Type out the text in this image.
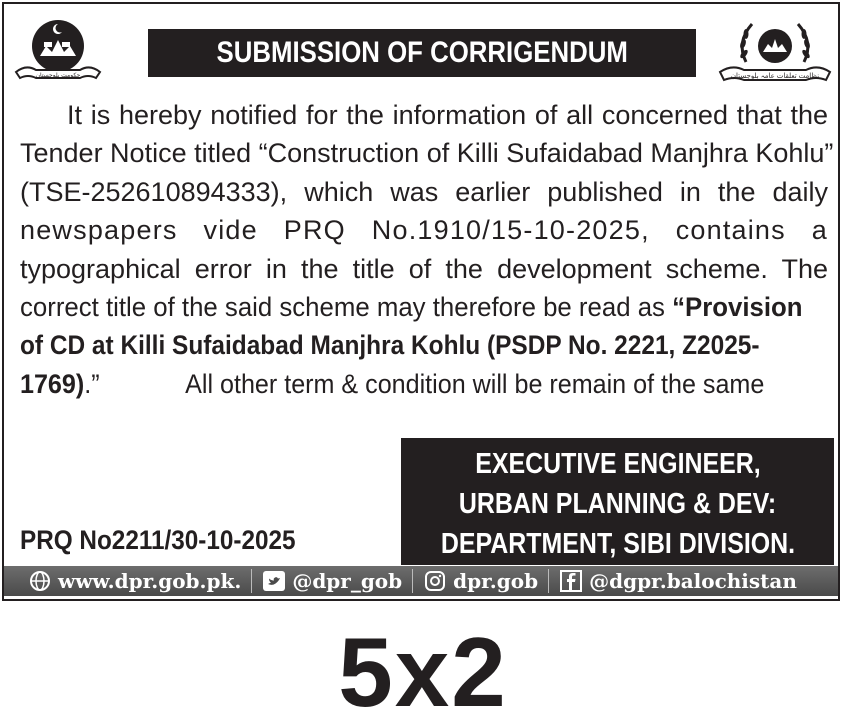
حکومت بلوچستان
SUBMISSION OF CORRIGENDUM
نظامت تعلقات عامہ بلوچستان
It is hereby notified for the information of all concerned that the
Tender Notice titled “Construction of Killi Sufaidabad Manjhra Kohlu”
(TSE-252610894333), which was earlier published in the daily
newspapers vide PRQ No.1910/15-10-2025, contains a
typographical error in the title of the development scheme. The
correct title of the said scheme may therefore be read as “Provision
of CD at Killi Sufaidabad Manjhra Kohlu (PSDP No. 2221, Z2025-
1769).”	All other term & condition will be remain of the same
EXECUTIVE ENGINEER,
URBAN PLANNING & DEV:
DEPARTMENT, SIBI DIVISION.
PRQ No2211/30-10-2025
www.dpr.gob.pk.	@dpr_gob	dpr.gob	@dgpr.balochistan
5x2
